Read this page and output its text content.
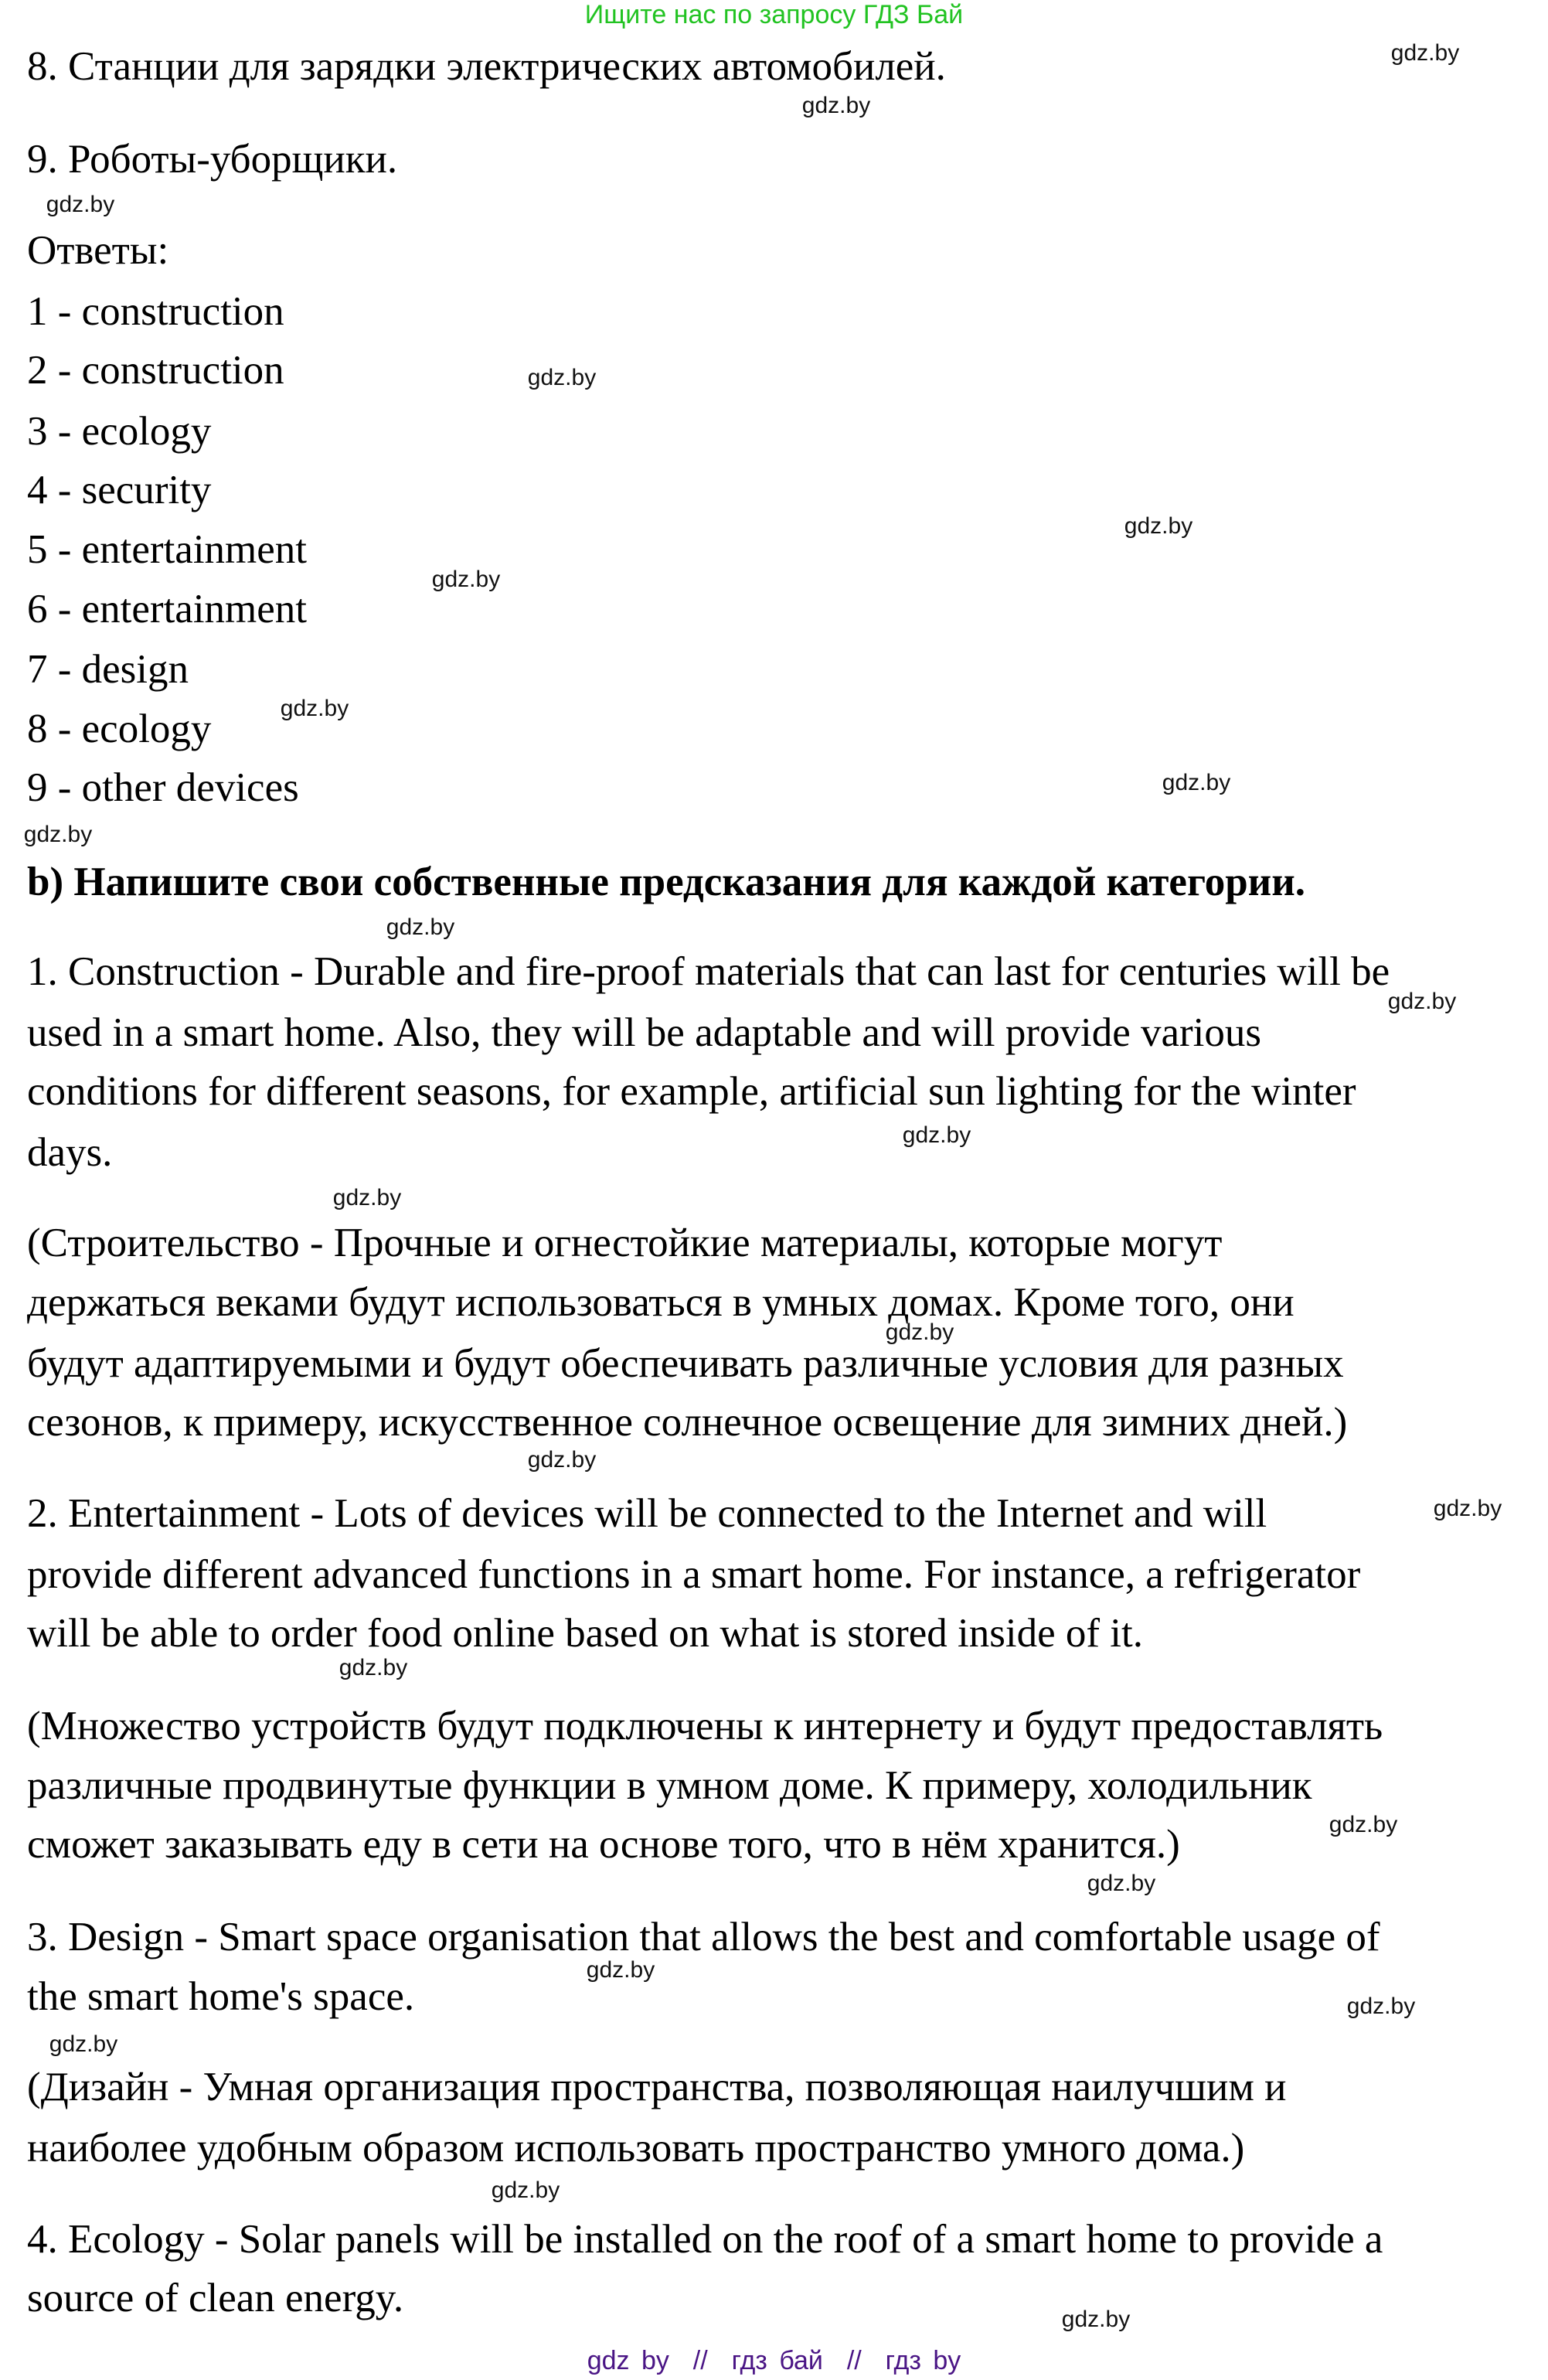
Ищите нас по запросу ГДЗ Бай
8. Станции для зарядки электрических автомобилей.
9. Роботы-уборщики.
Ответы:
1 - construction
2 - construction
3 - ecology
4 - security
5 - entertainment
6 - entertainment
7 - design
8 - ecology
9 - other devices
b) Напишите свои собственные предсказания для каждой категории.
1. Construction - Durable and fire-proof materials that can last for centuries will be
used in a smart home. Also, they will be adaptable and will provide various
conditions for different seasons, for example, artificial sun lighting for the winter
days.
(Строительство - Прочные и огнестойкие материалы, которые могут
держаться веками будут использоваться в умных домах. Кроме того, они
будут адаптируемыми и будут обеспечивать различные условия для разных
сезонов, к примеру, искусственное солнечное освещение для зимних дней.)
2. Entertainment - Lots of devices will be connected to the Internet and will
provide different advanced functions in a smart home. For instance, a refrigerator
will be able to order food online based on what is stored inside of it.
(Множество устройств будут подключены к интернету и будут предоставлять
различные продвинутые функции в умном доме. К примеру, холодильник
сможет заказывать еду в сети на основе того, что в нём хранится.)
3. Design - Smart space organisation that allows the best and comfortable usage of
the smart home's space.
(Дизайн - Умная организация пространства, позволяющая наилучшим и
наиболее удобным образом использовать пространство умного дома.)
4. Ecology - Solar panels will be installed on the roof of a smart home to provide a
source of clean energy.
gdz.by
gdz.by
gdz.by
gdz.by
gdz.by
gdz.by
gdz.by
gdz.by
gdz.by
gdz.by
gdz.by
gdz.by
gdz.by
gdz.by
gdz.by
gdz.by
gdz.by
gdz.by
gdz.by
gdz.by
gdz.by
gdz.by
gdz.by
gdz.by
gdz by  //  гдз бай  //  гдз by
